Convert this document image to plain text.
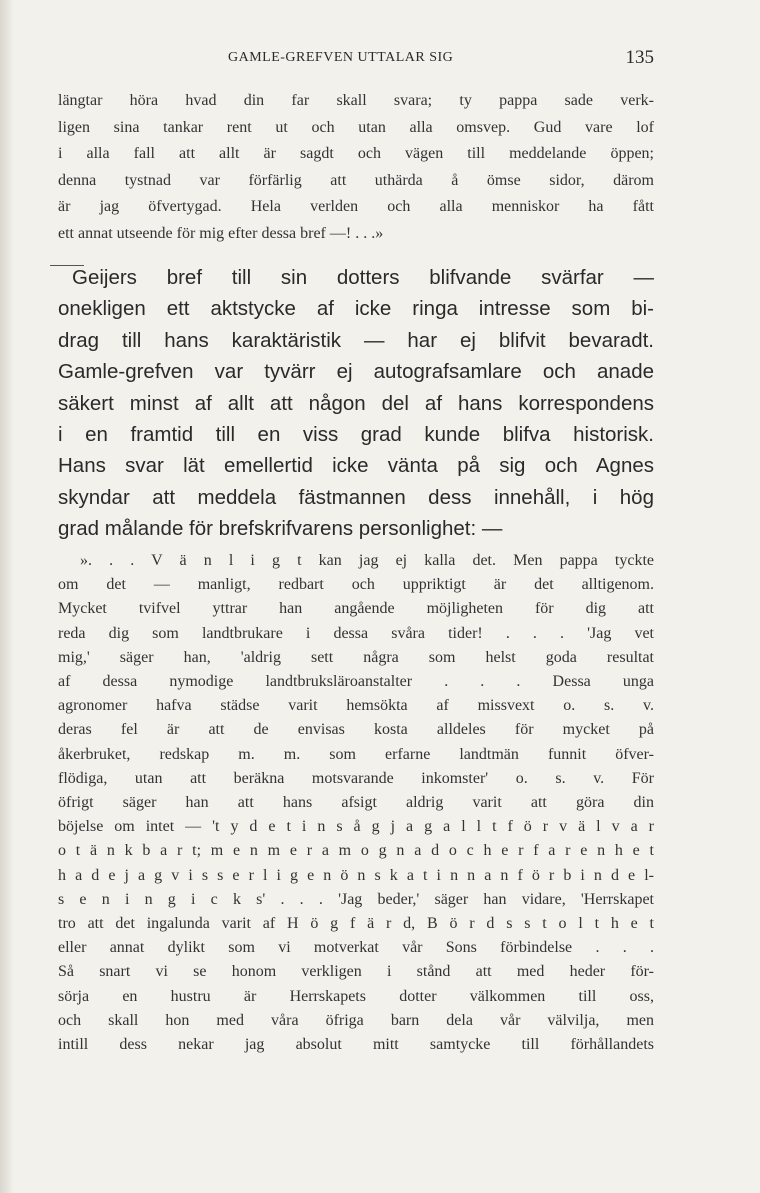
GAMLE-GREFVEN UTTALAR SIG	135
längtar höra hvad din far skall svara; ty pappa sade verk-
ligen sina tankar rent ut och utan alla omsvep. Gud vare lof
i alla fall att allt är sagdt och vägen till meddelande öppen;
denna tystnad var förfärlig att uthärda å ömse sidor, därom
är jag öfvertygad. Hela verlden och alla menniskor ha fått
ett annat utseende för mig efter dessa bref —! . . .»
Geijers bref till sin dotters blifvande svärfar —
onekligen ett aktstycke af icke ringa intresse som bi-
drag till hans karaktäristik — har ej blifvit bevaradt.
Gamle-grefven var tyvärr ej autografsamlare och anade
säkert minst af allt att någon del af hans korrespondens
i en framtid till en viss grad kunde blifva historisk.
Hans svar lät emellertid icke vänta på sig och Agnes
skyndar att meddela fästmannen dess innehåll, i hög
grad målande för brefskrifvarens personlighet: —
». . . V ä n l i g t kan jag ej kalla det. Men pappa tyckte
om det — manligt, redbart och uppriktigt är det alltigenom.
Mycket tvifvel yttrar han angående möjligheten för dig att
reda dig som landtbrukare i dessa svåra tider! . . . 'Jag vet
mig,' säger han, 'aldrig sett några som helst goda resultat
af dessa nymodige landtbruksläroanstalter . . . Dessa unga
agronomer hafva städse varit hemsökta af missvext o. s. v.
deras fel är att de envisas kosta alldeles för mycket på
åkerbruket, redskap m. m. som erfarne landtmän funnit öfver-
flödiga, utan att beräkna motsvarande inkomster' o. s. v. För
öfrigt säger han att hans afsigt aldrig varit att göra din
böjelse om intet — 't y d e t i n s å g j a g a l l t f ö r v ä l v a r
o t ä n k b a r t; m e n m e r a m o g n a d o c h e r f a r e n h e t
h a d e j a g v i s s e r l i g e n ö n s k a t i n n a n f ö r b i n d e l-
s e n i n g i c k s' . . . 'Jag beder,' säger han vidare, 'Herrskapet
tro att det ingalunda varit af H ö g f ä r d, B ö r d s s t o l t h e t
eller annat dylikt som vi motverkat vår Sons förbindelse . . .
Så snart vi se honom verkligen i stånd att med heder för-
sörja en hustru är Herrskapets dotter välkommen till oss,
och skall hon med våra öfriga barn dela vår välvilja, men
intill dess nekar jag absolut mitt samtycke till förhållandets
